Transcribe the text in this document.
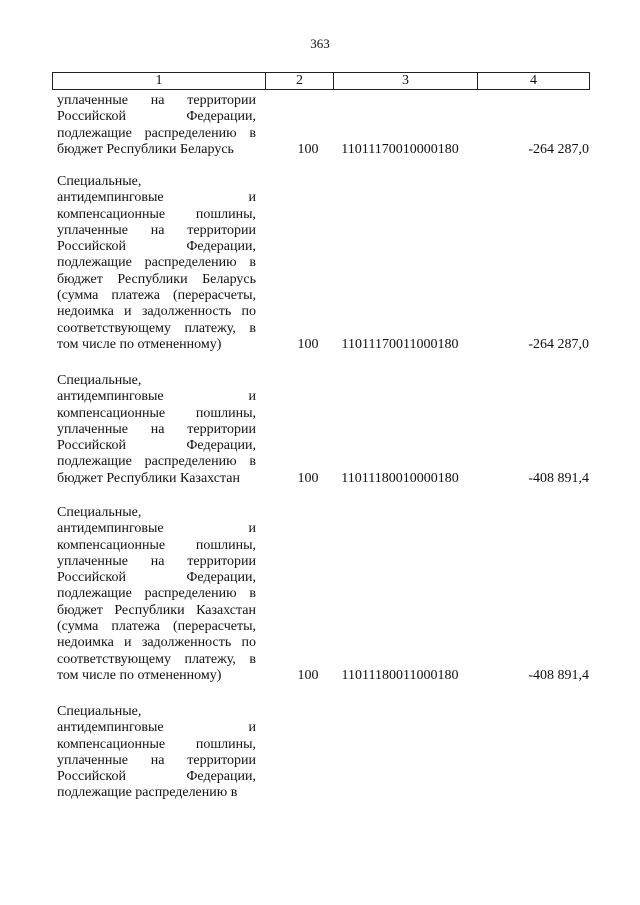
363
1	2	3	4
уплаченные на территории
Российской Федерации,
подлежащие распределению в
бюджет Республики Беларусь	100	11011170010000180	-264 287,0
Специальные,
антидемпинговые и
компенсационные пошлины,
уплаченные на территории
Российской Федерации,
подлежащие распределению в
бюджет Республики Беларусь
(сумма платежа (перерасчеты,
недоимка и задолженность по
соответствующему платежу, в
том числе по отмененному)	100	11011170011000180	-264 287,0
Специальные,
антидемпинговые и
компенсационные пошлины,
уплаченные на территории
Российской Федерации,
подлежащие распределению в
бюджет Республики Казахстан	100	11011180010000180	-408 891,4
Специальные,
антидемпинговые и
компенсационные пошлины,
уплаченные на территории
Российской Федерации,
подлежащие распределению в
бюджет Республики Казахстан
(сумма платежа (перерасчеты,
недоимка и задолженность по
соответствующему платежу, в
том числе по отмененному)	100	11011180011000180	-408 891,4
Специальные,
антидемпинговые и
компенсационные пошлины,
уплаченные на территории
Российской Федерации,
подлежащие распределению в
